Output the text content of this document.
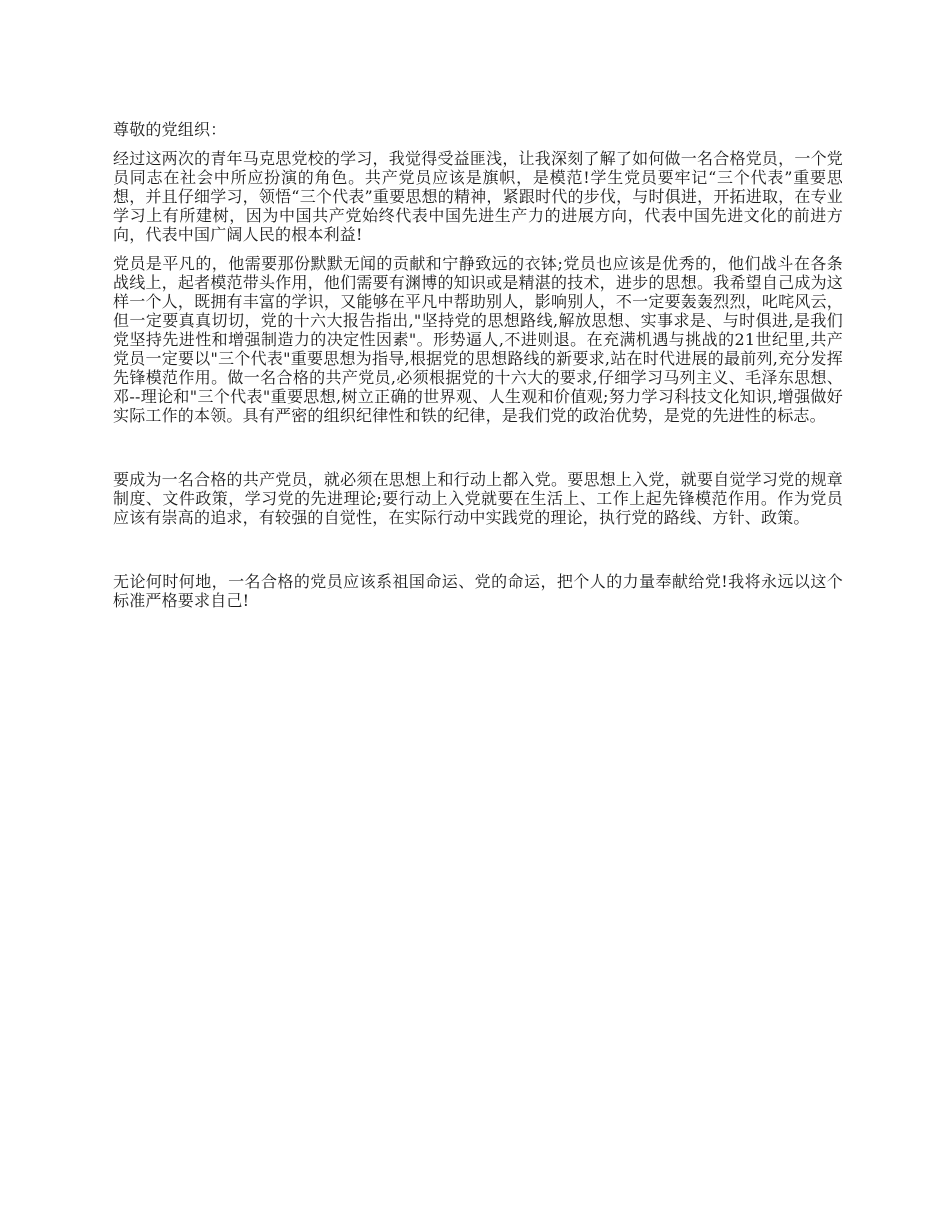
尊敬的党组织：

经过这两次的青年马克思党校的学习，我觉得受益匪浅，让我深刻了解了如何做一名合格党员，一个党员同志在社会中所应扮演的角色。共产党员应该是旗帜，是模范!学生党员要牢记“三个代表”重要思想，并且仔细学习，领悟“三个代表”重要思想的精神，紧跟时代的步伐，与时俱进，开拓进取，在专业学习上有所建树，因为中国共产党始终代表中国先进生产力的进展方向，代表中国先进文化的前进方向，代表中国广阔人民的根本利益!

党员是平凡的，他需要那份默默无闻的贡献和宁静致远的衣钵;党员也应该是优秀的，他们战斗在各条战线上，起者模范带头作用，他们需要有渊博的知识或是精湛的技术，进步的思想。我希望自己成为这样一个人，既拥有丰富的学识，又能够在平凡中帮助别人，影响别人，不一定要轰轰烈烈，叱咤风云，但一定要真真切切，党的十六大报告指出,"坚持党的思想路线,解放思想、实事求是、与时俱进,是我们党坚持先进性和增强制造力的决定性因素"。形势逼人,不进则退。在充满机遇与挑战的21世纪里,共产党员一定要以"三个代表"重要思想为指导,根据党的思想路线的新要求,站在时代进展的最前列,充分发挥先锋模范作用。做一名合格的共产党员,必须根据党的十六大的要求,仔细学习马列主义、毛泽东思想、邓--理论和"三个代表"重要思想,树立正确的世界观、人生观和价值观;努力学习科技文化知识,增强做好实际工作的本领。具有严密的组织纪律性和铁的纪律，是我们党的政治优势，是党的先进性的标志。

要成为一名合格的共产党员，就必须在思想上和行动上都入党。要思想上入党，就要自觉学习党的规章制度、文件政策，学习党的先进理论;要行动上入党就要在生活上、工作上起先锋模范作用。作为党员应该有崇高的追求，有较强的自觉性，在实际行动中实践党的理论，执行党的路线、方针、政策。

无论何时何地，一名合格的党员应该系祖国命运、党的命运，把个人的力量奉献给党!我将永远以这个标准严格要求自己!
